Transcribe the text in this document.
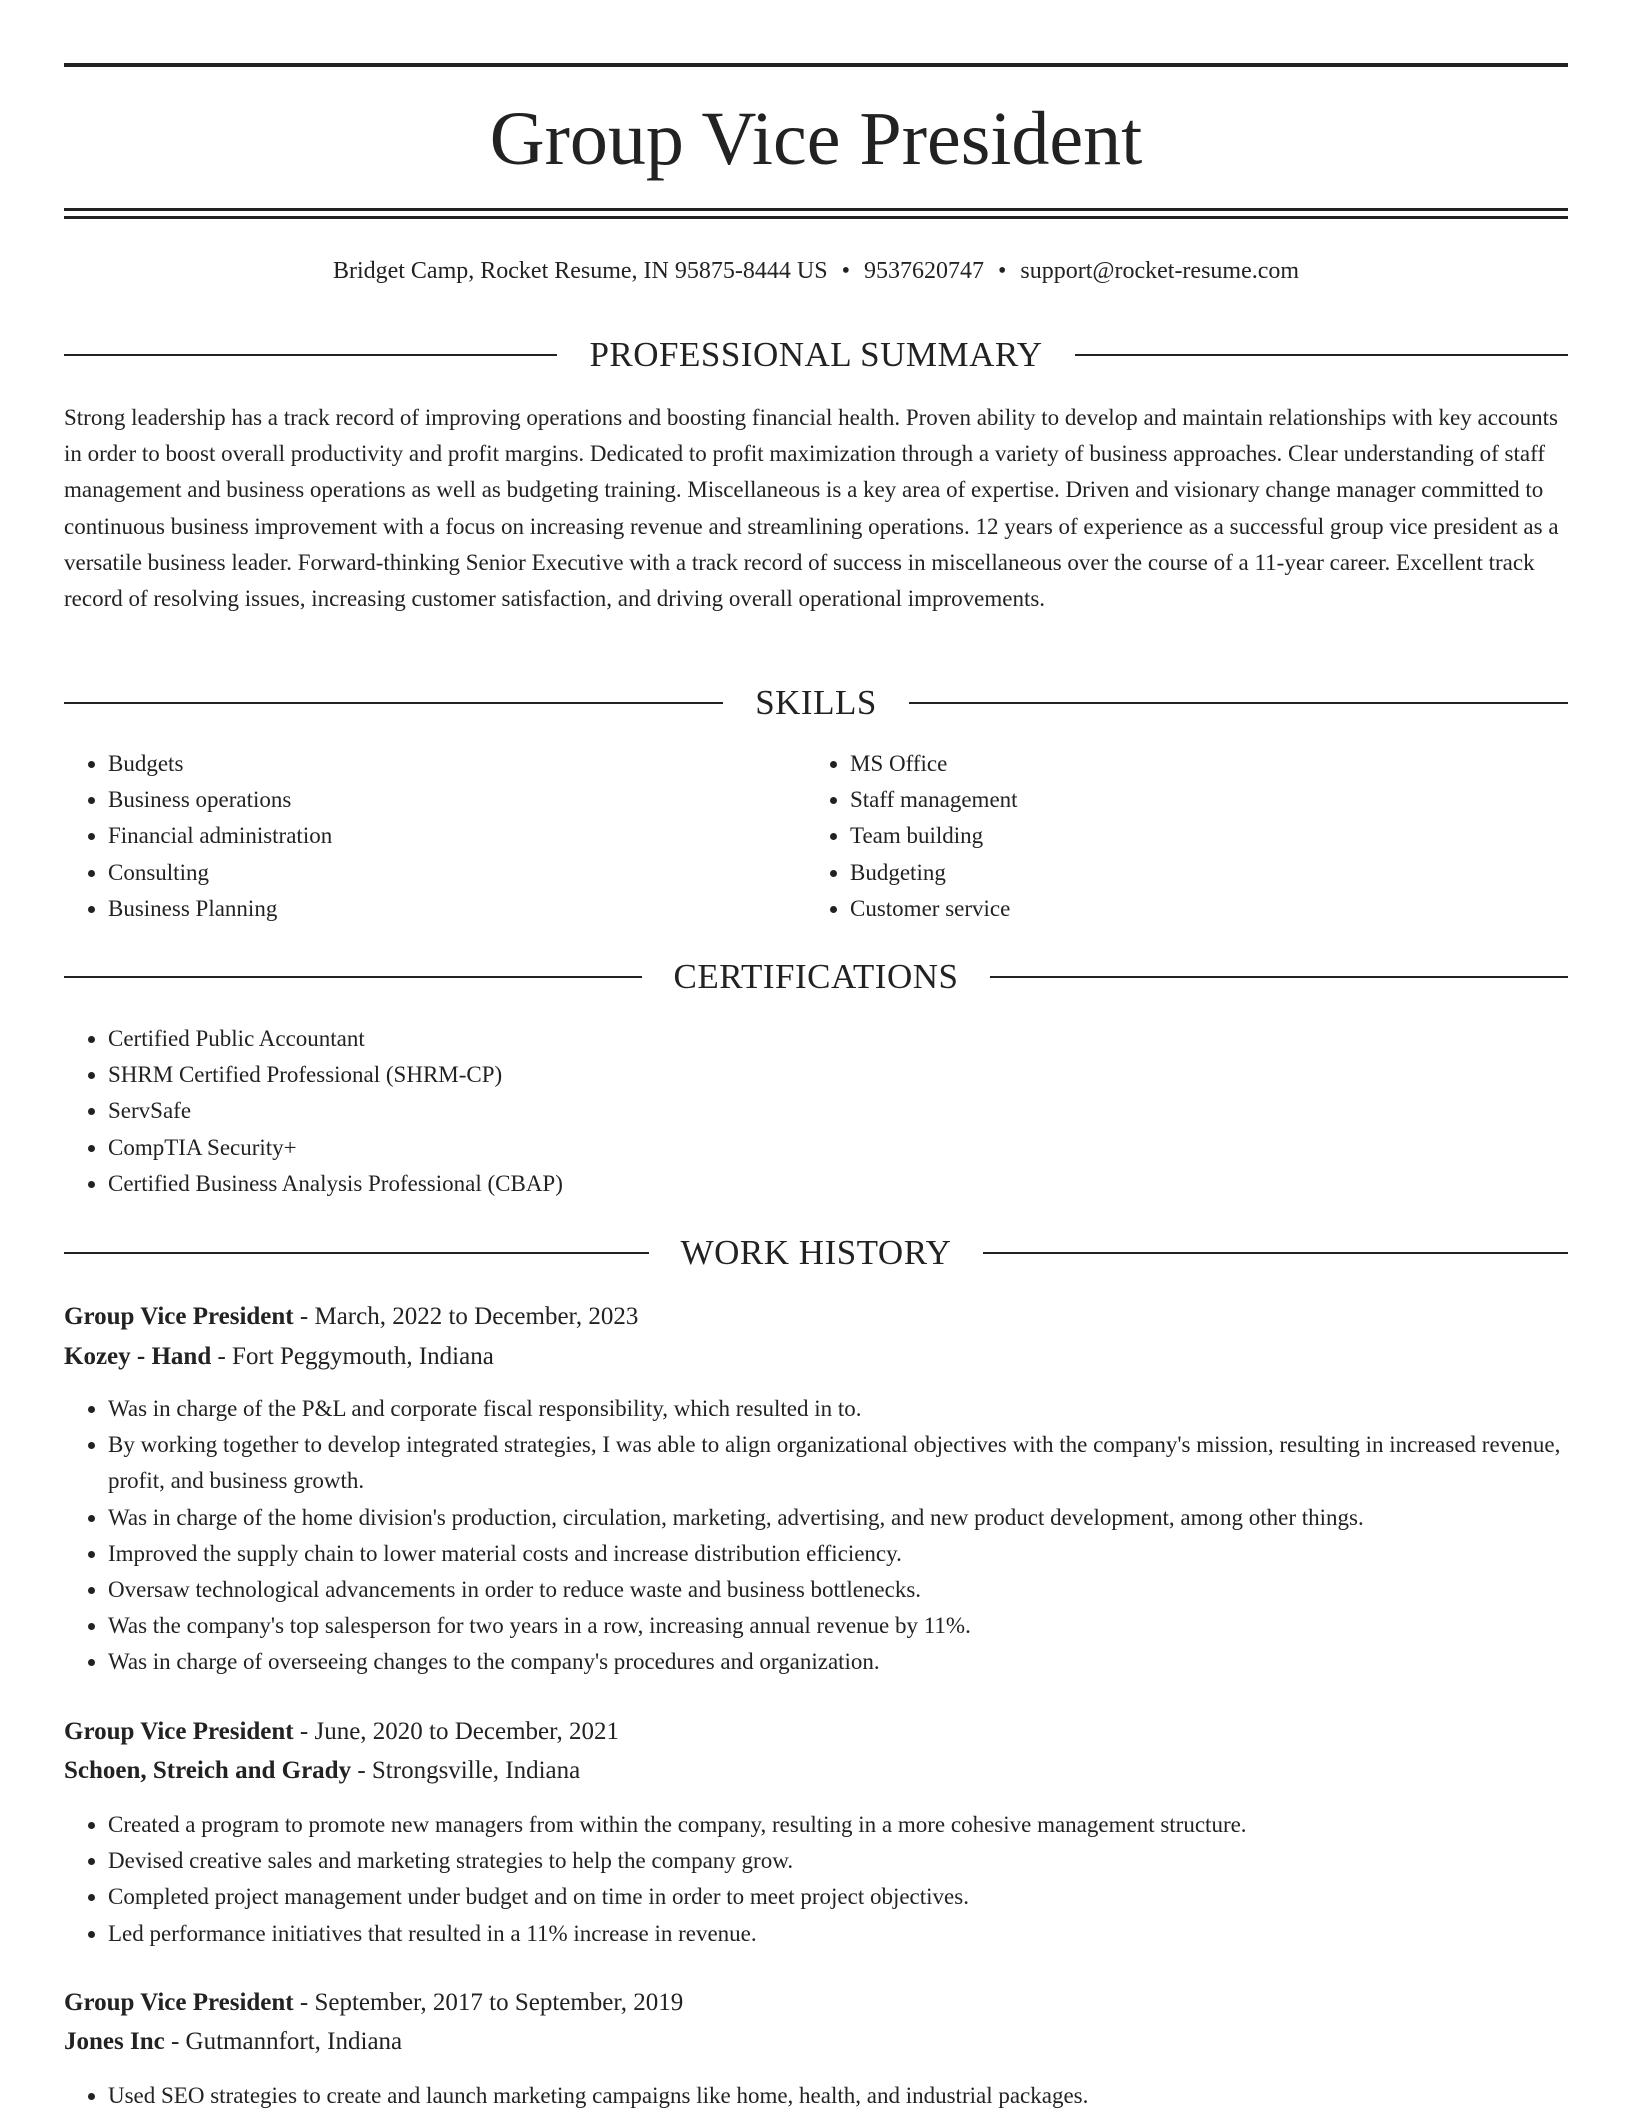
Group Vice President
Bridget Camp, Rocket Resume, IN 95875-8444 US • 9537620747 • support@rocket-resume.com
PROFESSIONAL SUMMARY

Strong leadership has a track record of improving operations and boosting financial health. Proven ability to develop and maintain relationships with key accounts in order to boost overall productivity and profit margins. Dedicated to profit maximization through a variety of business approaches. Clear understanding of staff management and business operations as well as budgeting training. Miscellaneous is a key area of expertise. Driven and visionary change manager committed to continuous business improvement with a focus on increasing revenue and streamlining operations. 12 years of experience as a successful group vice president as a versatile business leader. Forward-thinking Senior Executive with a track record of success in miscellaneous over the course of a 11-year career. Excellent track record of resolving issues, increasing customer satisfaction, and driving overall operational improvements.

SKILLS
• Budgets
• Business operations
• Financial administration
• Consulting
• Business Planning
• MS Office
• Staff management
• Team building
• Budgeting
• Customer service
CERTIFICATIONS
• Certified Public Accountant
• SHRM Certified Professional (SHRM-CP)
• ServSafe
• CompTIA Security+
• Certified Business Analysis Professional (CBAP)
WORK HISTORY
Group Vice President - March, 2022 to December, 2023
Kozey - Hand - Fort Peggymouth, Indiana
• Was in charge of the P&L and corporate fiscal responsibility, which resulted in to.
• By working together to develop integrated strategies, I was able to align organizational objectives with the company's mission, resulting in increased revenue, profit, and business growth.
• Was in charge of the home division's production, circulation, marketing, advertising, and new product development, among other things.
• Improved the supply chain to lower material costs and increase distribution efficiency.
• Oversaw technological advancements in order to reduce waste and business bottlenecks.
• Was the company's top salesperson for two years in a row, increasing annual revenue by 11%.
• Was in charge of overseeing changes to the company's procedures and organization.
Group Vice President - June, 2020 to December, 2021
Schoen, Streich and Grady - Strongsville, Indiana
• Created a program to promote new managers from within the company, resulting in a more cohesive management structure.
• Devised creative sales and marketing strategies to help the company grow.
• Completed project management under budget and on time in order to meet project objectives.
• Led performance initiatives that resulted in a 11% increase in revenue.
Group Vice President - September, 2017 to September, 2019
Jones Inc - Gutmannfort, Indiana
• Used SEO strategies to create and launch marketing campaigns like home, health, and industrial packages.
